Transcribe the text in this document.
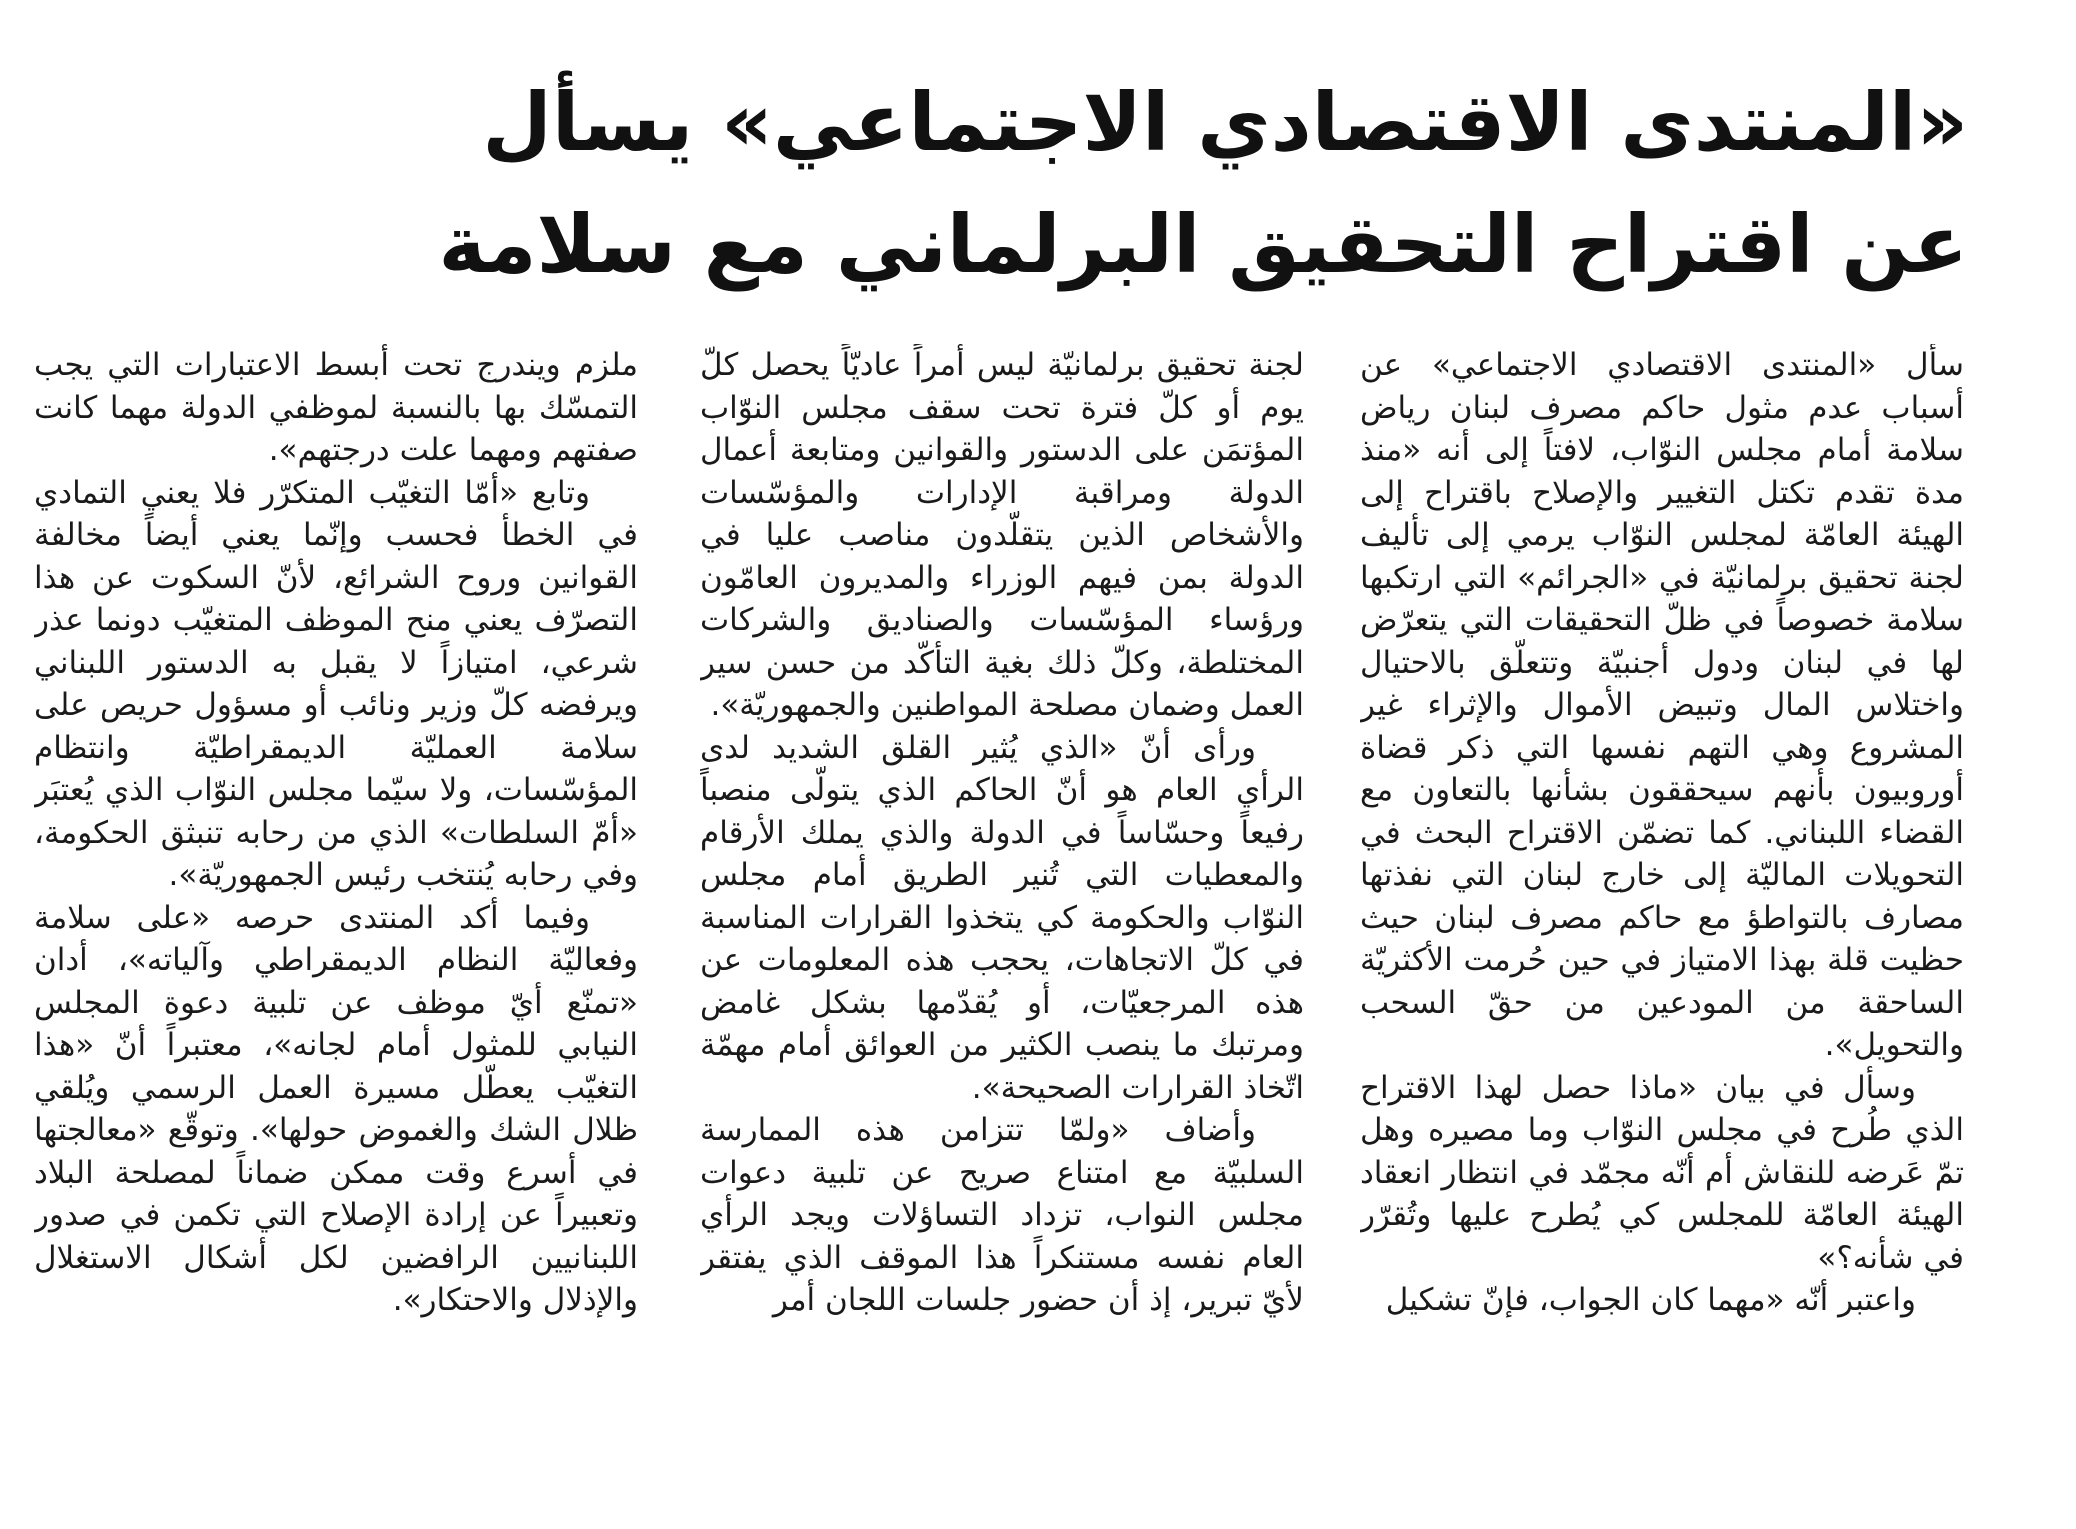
«المنتدى الاقتصادي الاجتماعي» يسأل
عن اقتراح التحقيق البرلماني مع سلامة

سأل «المنتدى الاقتصادي الاجتماعي» عن أسباب عدم مثول حاكم مصرف لبنان رياض سلامة أمام مجلس النوّاب، لافتاً إلى أنه «منذ مدة تقدم تكتل التغيير والإصلاح باقتراح إلى الهيئة العامّة لمجلس النوّاب يرمي إلى تأليف لجنة تحقيق برلمانيّة في «الجرائم» التي ارتكبها سلامة خصوصاً في ظلّ التحقيقات التي يتعرّض لها في لبنان ودول أجنبيّة وتتعلّق بالاحتيال واختلاس المال وتبيض الأموال والإثراء غير المشروع وهي التهم نفسها التي ذكر قضاة أوروبيون بأنهم سيحققون بشأنها بالتعاون مع القضاء اللبناني. كما تضمّن الاقتراح البحث في التحويلات الماليّة إلى خارج لبنان التي نفذتها مصارف بالتواطؤ مع حاكم مصرف لبنان حيث حظيت قلة بهذا الامتياز في حين حُرمت الأكثريّة الساحقة من المودعين من حقّ السحب والتحويل».

وسأل في بيان «ماذا حصل لهذا الاقتراح الذي طُرح في مجلس النوّاب وما مصيره وهل تمّ عَرضه للنقاش أم أنّه مجمّد في انتظار انعقاد الهيئة العامّة للمجلس كي يُطرح عليها وتُقرّر في شأنه؟»

واعتبر أنّه «مهما كان الجواب، فإنّ تشكيل

لجنة تحقيق برلمانيّة ليس أمراً عاديّاً يحصل كلّ يوم أو كلّ فترة تحت سقف مجلس النوّاب المؤتمَن على الدستور والقوانين ومتابعة أعمال الدولة ومراقبة الإدارات والمؤسّسات والأشخاص الذين يتقلّدون مناصب عليا في الدولة بمن فيهم الوزراء والمديرون العامّون ورؤساء المؤسّسات والصناديق والشركات المختلطة، وكلّ ذلك بغية التأكّد من حسن سير العمل وضمان مصلحة المواطنين والجمهوريّة».

ورأى أنّ «الذي يُثير القلق الشديد لدى الرأي العام هو أنّ الحاكم الذي يتولّى منصباً رفيعاً وحسّاساً في الدولة والذي يملك الأرقام والمعطيات التي تُنير الطريق أمام مجلس النوّاب والحكومة كي يتخذوا القرارات المناسبة في كلّ الاتجاهات، يحجب هذه المعلومات عن هذه المرجعيّات، أو يُقدّمها بشكل غامض ومرتبك ما ينصب الكثير من العوائق أمام مهمّة اتّخاذ القرارات الصحيحة».

وأضاف «ولمّا تتزامن هذه الممارسة السلبيّة مع امتناع صريح عن تلبية دعوات مجلس النواب، تزداد التساؤلات ويجد الرأي العام نفسه مستنكراً هذا الموقف الذي يفتقر لأيّ تبرير، إذ أن حضور جلسات اللجان أمر

ملزم ويندرج تحت أبسط الاعتبارات التي يجب التمسّك بها بالنسبة لموظفي الدولة مهما كانت صفتهم ومهما علت درجتهم».

وتابع «أمّا التغيّب المتكرّر فلا يعني التمادي في الخطأ فحسب وإنّما يعني أيضاً مخالفة القوانين وروح الشرائع، لأنّ السكوت عن هذا التصرّف يعني منح الموظف المتغيّب دونما عذر شرعي، امتيازاً لا يقبل به الدستور اللبناني ويرفضه كلّ وزير ونائب أو مسؤول حريص على سلامة العمليّة الديمقراطيّة وانتظام المؤسّسات، ولا سيّما مجلس النوّاب الذي يُعتبَر «أمّ السلطات» الذي من رحابه تنبثق الحكومة، وفي رحابه يُنتخب رئيس الجمهوريّة».

وفيما أكد المنتدى حرصه «على سلامة وفعاليّة النظام الديمقراطي وآلياته»، أدان «تمنّع أيّ موظف عن تلبية دعوة المجلس النيابي للمثول أمام لجانه»، معتبراً أنّ «هذا التغيّب يعطّل مسيرة العمل الرسمي ويُلقي ظلال الشك والغموض حولها». وتوقّع «معالجتها في أسرع وقت ممكن ضماناً لمصلحة البلاد وتعبيراً عن إرادة الإصلاح التي تكمن في صدور اللبنانيين الرافضين لكل أشكال الاستغلال والإذلال والاحتكار».
